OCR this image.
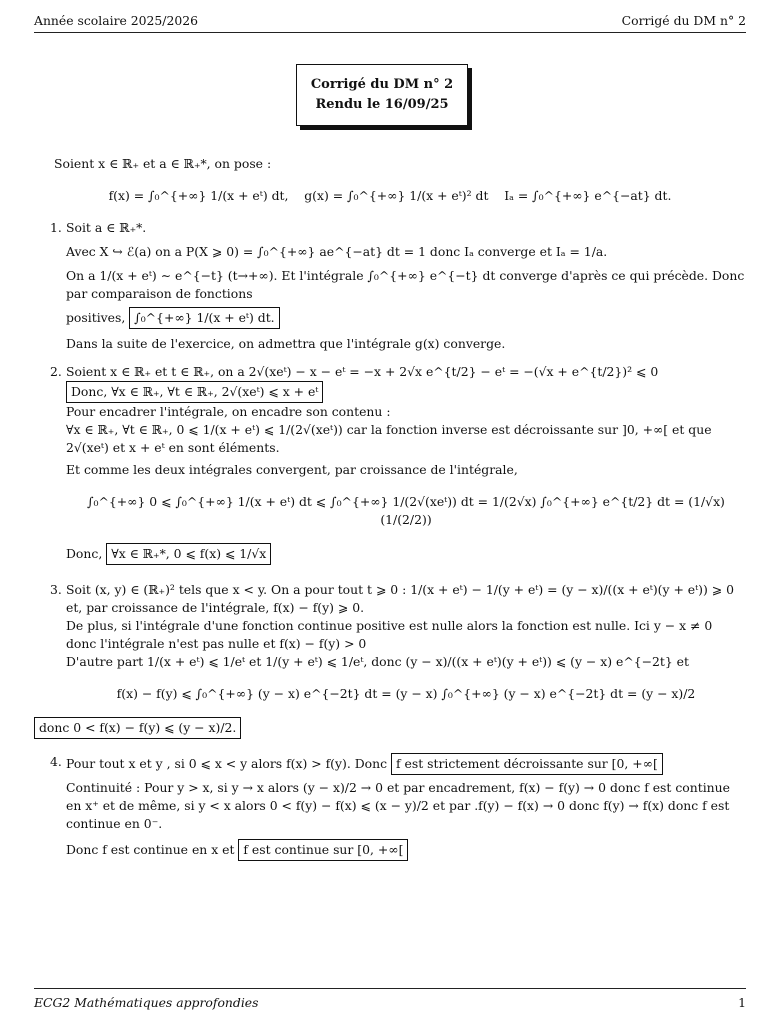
Année scolaire 2025/2026	Corrigé du DM n° 2
Corrigé du DM n° 2
Rendu le 16/09/25

Soient x ∈ ℝ₊ et a ∈ ℝ₊*, on pose :

f(x) = ∫₀^{+∞} 1/(x + eᵗ) dt, g(x) = ∫₀^{+∞} 1/(x + eᵗ)² dt Iₐ = ∫₀^{+∞} e^{−at} dt.
1. Soit a ∈ ℝ₊*.

Avec X ↪ ℰ(a) on a P(X ⩾ 0) = ∫₀^{+∞} ae^{−at} dt = 1 donc Iₐ converge et Iₐ = 1/a.

On a 1/(x + eᵗ) ∼ e^{−t} (t→+∞). Et l'intégrale ∫₀^{+∞} e^{−t} dt converge d'après ce qui précède. Donc par comparaison de fonctions

positives, ∫₀^{+∞} 1/(x + eᵗ) dt.

Dans la suite de l'exercice, on admettra que l'intégrale g(x) converge.

2. Soient x ∈ ℝ₊ et t ∈ ℝ₊, on a 2√(xeᵗ) − x − eᵗ = −x + 2√x e^{t/2} − eᵗ = −(√x + e^{t/2})² ⩽ 0

Donc, ∀x ∈ ℝ₊, ∀t ∈ ℝ₊, 2√(xeᵗ) ⩽ x + eᵗ

Pour encadrer l'intégrale, on encadre son contenu :

∀x ∈ ℝ₊, ∀t ∈ ℝ₊, 0 ⩽ 1/(x + eᵗ) ⩽ 1/(2√(xeᵗ)) car la fonction inverse est décroissante sur ]0, +∞[ et que 2√(xeᵗ) et x + eᵗ en sont éléments.

Et comme les deux intégrales convergent, par croissance de l'intégrale,

∫₀^{+∞} 0 ⩽ ∫₀^{+∞} 1/(x + eᵗ) dt ⩽ ∫₀^{+∞} 1/(2√(xeᵗ)) dt = 1/(2√x) ∫₀^{+∞} e^{t/2} dt = (1/√x)(1/(2/2))

Donc, ∀x ∈ ℝ₊*, 0 ⩽ f(x) ⩽ 1/√x

3. Soit (x, y) ∈ (ℝ₊)² tels que x < y. On a pour tout t ⩾ 0 : 1/(x + eᵗ) − 1/(y + eᵗ) = (y − x)/((x + eᵗ)(y + eᵗ)) ⩾ 0 et, par croissance de l'intégrale, f(x) − f(y) ⩾ 0.

De plus, si l'intégrale d'une fonction continue positive est nulle alors la fonction est nulle. Ici y − x ≠ 0 donc l'intégrale n'est pas nulle et f(x) − f(y) > 0

D'autre part 1/(x + eᵗ) ⩽ 1/eᵗ et 1/(y + eᵗ) ⩽ 1/eᵗ, donc (y − x)/((x + eᵗ)(y + eᵗ)) ⩽ (y − x) e^{−2t} et

f(x) − f(y) ⩽ ∫₀^{+∞} (y − x) e^{−2t} dt = (y − x) ∫₀^{+∞} (y − x) e^{−2t} dt = (y − x)/2
donc 0 < f(x) − f(y) ⩽ (y − x)/2.
4. Pour tout x et y , si 0 ⩽ x < y alors f(x) > f(y). Donc f est strictement décroissante sur [0, +∞[

Continuité : Pour y > x, si y → x alors (y − x)/2 → 0 et par encadrement, f(x) − f(y) → 0 donc f est continue en x⁺ et de même, si y < x alors 0 < f(y) − f(x) ⩽ (x − y)/2 et par .f(y) − f(x) → 0 donc f(y) → f(x) donc f est continue en 0⁻.

Donc f est continue en x et f est continue sur [0, +∞[

ECG2 Mathématiques approfondies	1
